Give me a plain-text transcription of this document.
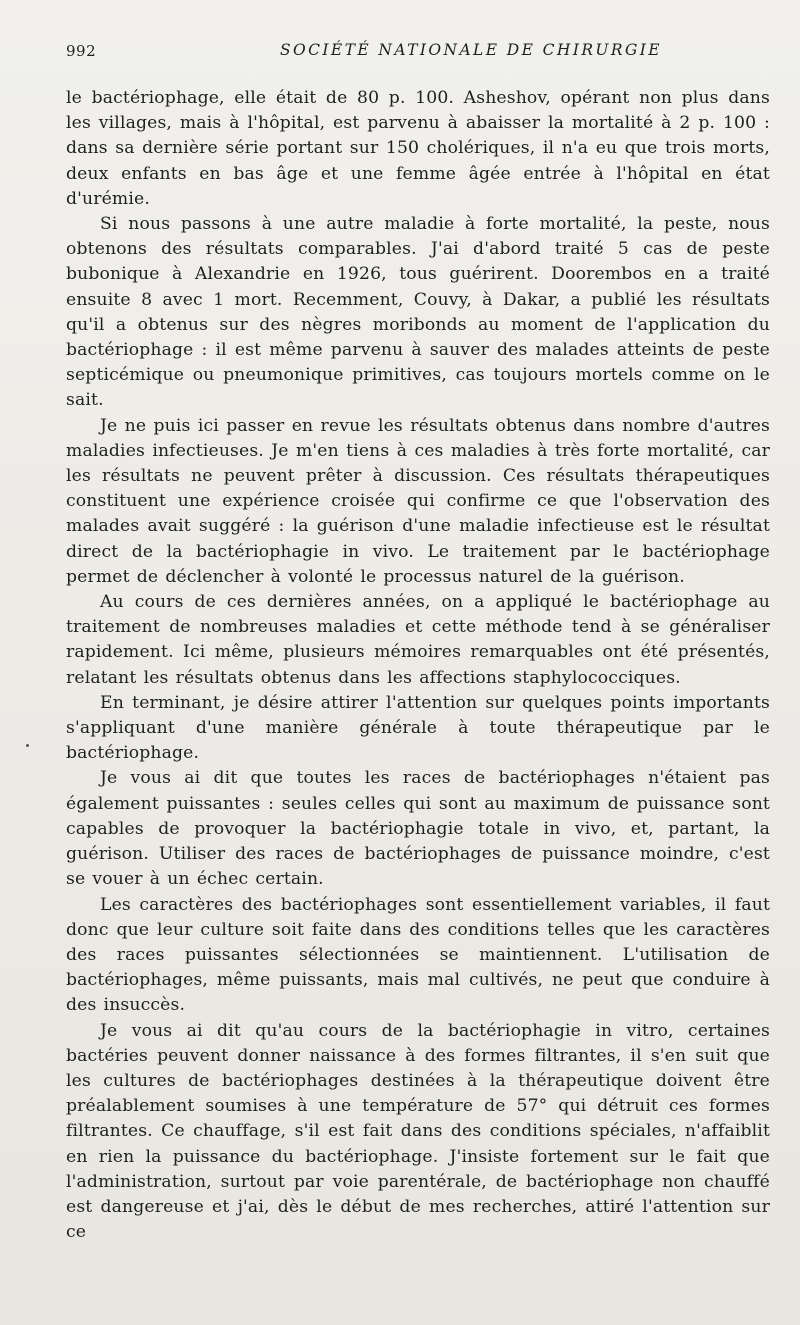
992	SOCIÉTÉ NATIONALE DE CHIRURGIE

le bactériophage, elle était de 80 p. 100. Asheshov, opérant non plus dans les villages, mais à l'hôpital, est parvenu à abaisser la mortalité à 2 p. 100 : dans sa dernière série portant sur 150 cholériques, il n'a eu que trois morts, deux enfants en bas âge et une femme âgée entrée à l'hôpital en état d'urémie.

Si nous passons à une autre maladie à forte mortalité, la peste, nous obtenons des résultats comparables. J'ai d'abord traité 5 cas de peste bubonique à Alexandrie en 1926, tous guérirent. Doorembos en a traité ensuite 8 avec 1 mort. Recemment, Couvy, à Dakar, a publié les résultats qu'il a obtenus sur des nègres moribonds au moment de l'application du bactériophage : il est même parvenu à sauver des malades atteints de peste septicémique ou pneumonique primitives, cas toujours mortels comme on le sait.

Je ne puis ici passer en revue les résultats obtenus dans nombre d'autres maladies infectieuses. Je m'en tiens à ces maladies à très forte mortalité, car les résultats ne peuvent prêter à discussion. Ces résultats thérapeutiques constituent une expérience croisée qui confirme ce que l'observation des malades avait suggéré : la guérison d'une maladie infectieuse est le résultat direct de la bactériophagie in vivo. Le traitement par le bactériophage permet de déclencher à volonté le processus naturel de la guérison.

Au cours de ces dernières années, on a appliqué le bactériophage au traitement de nombreuses maladies et cette méthode tend à se généraliser rapidement. Ici même, plusieurs mémoires remarquables ont été présentés, relatant les résultats obtenus dans les affections staphylococciques.

En terminant, je désire attirer l'attention sur quelques points importants s'appliquant d'une manière générale à toute thérapeutique par le bactériophage.

Je vous ai dit que toutes les races de bactériophages n'étaient pas également puissantes : seules celles qui sont au maximum de puissance sont capables de provoquer la bactériophagie totale in vivo, et, partant, la guérison. Utiliser des races de bactériophages de puissance moindre, c'est se vouer à un échec certain.

Les caractères des bactériophages sont essentiellement variables, il faut donc que leur culture soit faite dans des conditions telles que les caractères des races puissantes sélectionnées se maintiennent. L'utilisation de bactériophages, même puissants, mais mal cultivés, ne peut que conduire à des insuccès.

Je vous ai dit qu'au cours de la bactériophagie in vitro, certaines bactéries peuvent donner naissance à des formes filtrantes, il s'en suit que les cultures de bactériophages destinées à la thérapeutique doivent être préalablement soumises à une température de 57° qui détruit ces formes filtrantes. Ce chauffage, s'il est fait dans des conditions spéciales, n'affaiblit en rien la puissance du bactériophage. J'insiste fortement sur le fait que l'administration, surtout par voie parentérale, de bactériophage non chauffé est dangereuse et j'ai, dès le début de mes recherches, attiré l'attention sur ce
